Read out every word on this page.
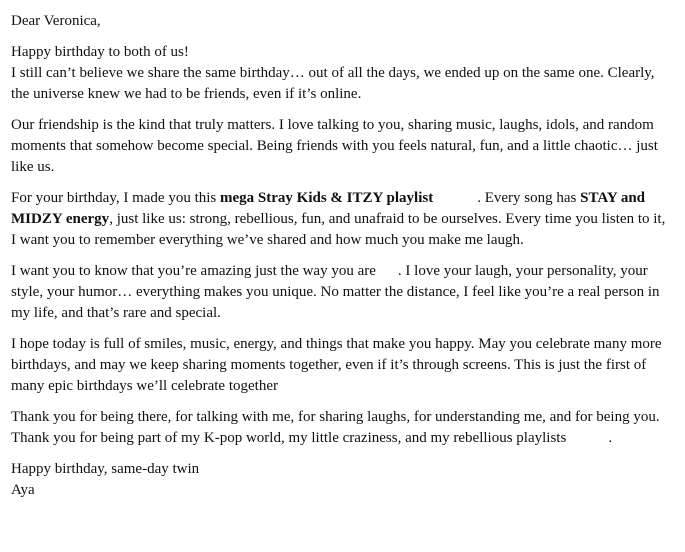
Dear Veronica,

Happy birthday to both of us!
I still can’t believe we share the same birthday… out of all the days, we ended up on the same one. Clearly, the universe knew we had to be friends, even if it’s online.

Our friendship is the kind that truly matters. I love talking to you, sharing music, laughs, idols, and random moments that somehow become special. Being friends with you feels natural, fun, and a little chaotic… just like us.

For your birthday, I made you this mega Stray Kids & ITZY playlist	. Every song has STAY and MIDZY energy, just like us: strong, rebellious, fun, and unafraid to be ourselves. Every time you listen to it, I want you to remember everything we’ve shared and how much you make me laugh.

I want you to know that you’re amazing just the way you are . I love your laugh, your personality, your style, your humor… everything makes you unique. No matter the distance, I feel like you’re a real person in my life, and that’s rare and special.

I hope today is full of smiles, music, energy, and things that make you happy. May you celebrate many more birthdays, and may we keep sharing moments together, even if it’s through screens. This is just the first of many epic birthdays we’ll celebrate together

Thank you for being there, for talking with me, for sharing laughs, for understanding me, and for being you. Thank you for being part of my K-pop world, my little craziness, and my rebellious playlists	.

Happy birthday, same-day twin
Aya
